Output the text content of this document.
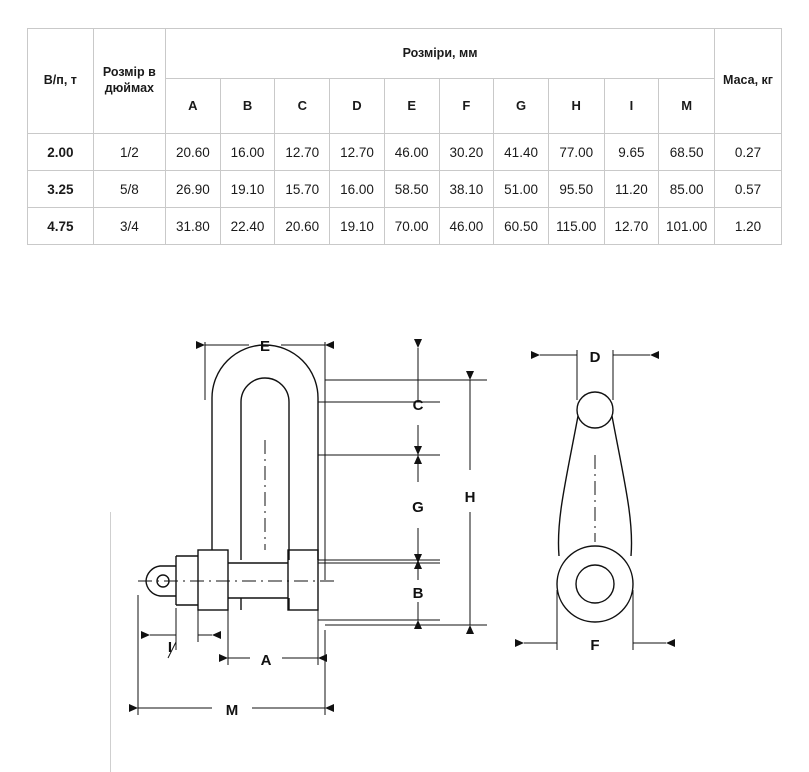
В/п, т	Розмір в дюймах	Розміри, мм										Маса, кг
		A	B	C	D	E	F	G	H	I	M	
2.00	1/2	20.60	16.00	12.70	12.70	46.00	30.20	41.40	77.00	9.65	68.50	0.27
3.25	5/8	26.90	19.10	15.70	16.00	58.50	38.10	51.00	95.50	11.20	85.00	0.57
4.75	3/4	31.80	22.40	20.60	19.10	70.00	46.00	60.50	115.00	12.70	101.00	1.20
E
C
G
B
H
A
I
M
D
F
